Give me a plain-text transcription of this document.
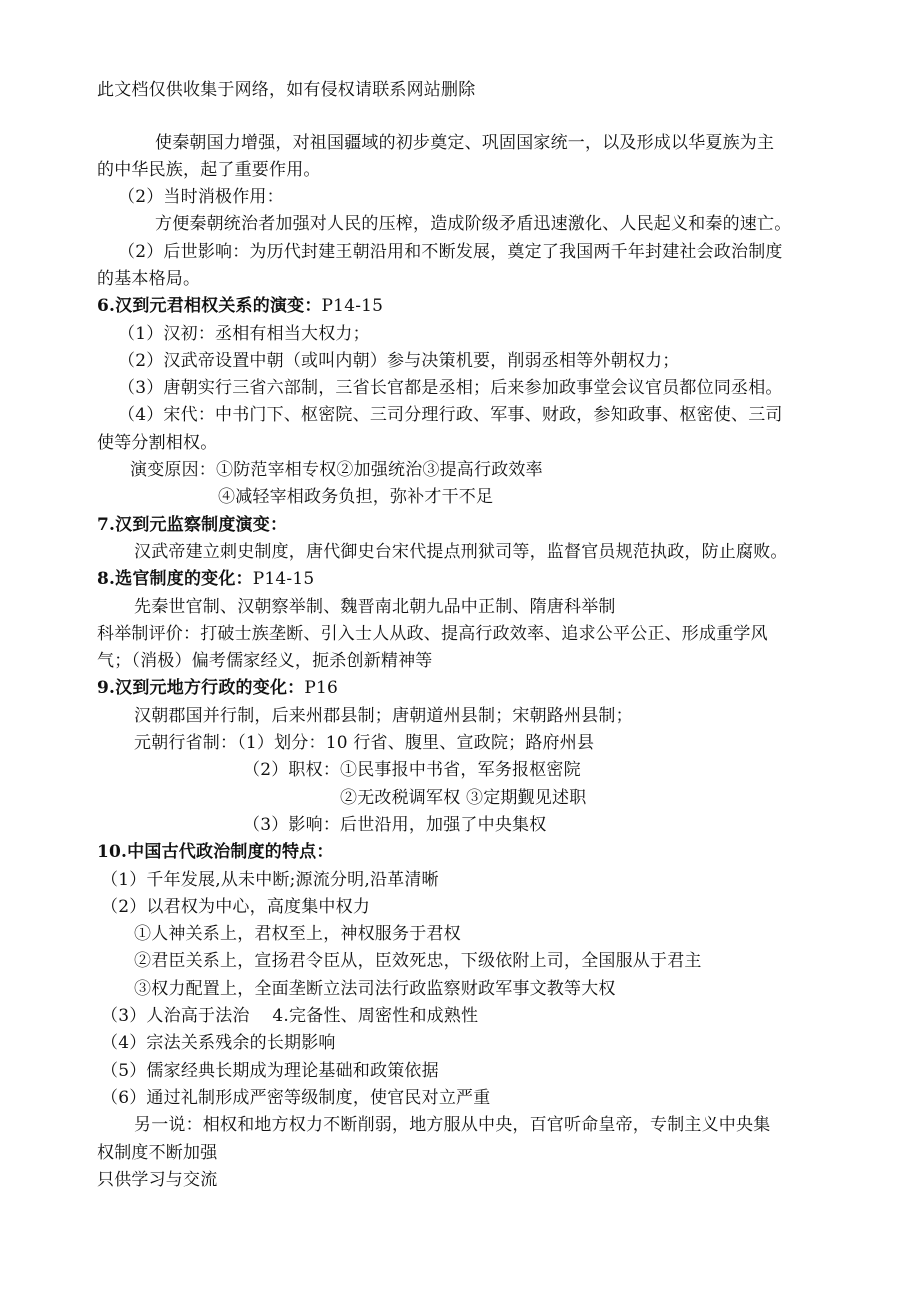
此文档仅供收集于网络，如有侵权请联系网站删除
使秦朝国力增强，对祖国疆域的初步奠定、巩固国家统一，以及形成以华夏族为主
的中华民族，起了重要作用。
（2）当时消极作用：
方便秦朝统治者加强对人民的压榨，造成阶级矛盾迅速激化、人民起义和秦的速亡。
（2）后世影响：为历代封建王朝沿用和不断发展，奠定了我国两千年封建社会政治制度
的基本格局。
6.汉到元君相权关系的演变：P14-15
（1）汉初：丞相有相当大权力；
（2）汉武帝设置中朝（或叫内朝）参与决策机要，削弱丞相等外朝权力；
（3）唐朝实行三省六部制，三省长官都是丞相；后来参加政事堂会议官员都位同丞相。
（4）宋代：中书门下、枢密院、三司分理行政、军事、财政，参知政事、枢密使、三司
使等分割相权。
演变原因：①防范宰相专权②加强统治③提高行政效率
④减轻宰相政务负担，弥补才干不足
7.汉到元监察制度演变：
汉武帝建立刺史制度，唐代御史台宋代提点刑狱司等，监督官员规范执政，防止腐败。
8.选官制度的变化：P14-15
先秦世官制、汉朝察举制、魏晋南北朝九品中正制、隋唐科举制
科举制评价：打破士族垄断、引入士人从政、提高行政效率、追求公平公正、形成重学风
气；（消极）偏考儒家经义，扼杀创新精神等
9.汉到元地方行政的变化：P16
汉朝郡国并行制，后来州郡县制；唐朝道州县制；宋朝路州县制；
元朝行省制：（1）划分：10 行省、腹里、宣政院；路府州县
（2）职权：①民事报中书省，军务报枢密院
②无改税调军权 ③定期觐见述职
（3）影响：后世沿用，加强了中央集权
10.中国古代政治制度的特点：
（1）千年发展,从未中断;源流分明,沿革清晰
（2）以君权为中心，高度集中权力
①人神关系上，君权至上，神权服务于君权
②君臣关系上，宣扬君令臣从，臣效死忠，下级依附上司，全国服从于君主
③权力配置上，全面垄断立法司法行政监察财政军事文教等大权
（3）人治高于法治　 4.完备性、周密性和成熟性
（4）宗法关系残余的长期影响
（5）儒家经典长期成为理论基础和政策依据
（6）通过礼制形成严密等级制度，使官民对立严重
另一说：相权和地方权力不断削弱，地方服从中央，百官听命皇帝，专制主义中央集
权制度不断加强
只供学习与交流
